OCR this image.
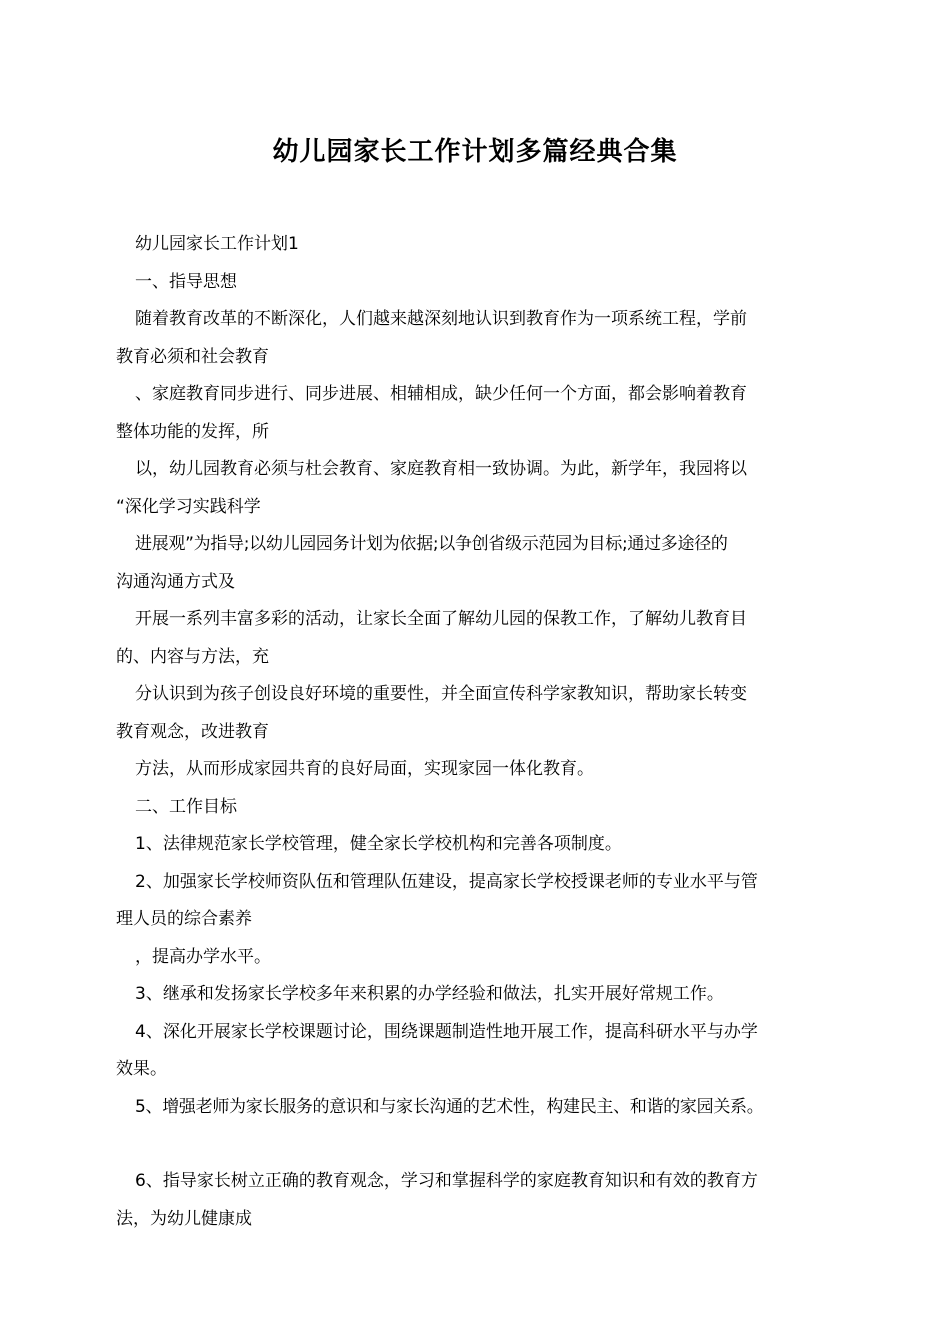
幼儿园家长工作计划多篇经典合集

幼儿园家长工作计划1

一、指导思想

随着教育改革的不断深化，人们越来越深刻地认识到教育作为一项系统工程，学前

教育必须和社会教育

、家庭教育同步进行、同步进展、相辅相成，缺少任何一个方面，都会影响着教育

整体功能的发挥，所

以，幼儿园教育必须与杜会教育、家庭教育相一致协调。为此，新学年，我园将以

“深化学习实践科学

进展观”为指导;以幼儿园园务计划为依据;以争创省级示范园为目标;通过多途径的

沟通沟通方式及

开展一系列丰富多彩的活动，让家长全面了解幼儿园的保教工作，了解幼儿教育目

的、内容与方法，充

分认识到为孩子创设良好环境的重要性，并全面宣传科学家教知识，帮助家长转变

教育观念，改进教育

方法，从而形成家园共育的良好局面，实现家园一体化教育。

二、工作目标

1、法律规范家长学校管理，健全家长学校机构和完善各项制度。

2、加强家长学校师资队伍和管理队伍建设，提高家长学校授课老师的专业水平与管

理人员的综合素养

，提高办学水平。

3、继承和发扬家长学校多年来积累的办学经验和做法，扎实开展好常规工作。

4、深化开展家长学校课题讨论，围绕课题制造性地开展工作，提高科研水平与办学

效果。

5、增强老师为家长服务的意识和与家长沟通的艺术性，构建民主、和谐的家园关系。

6、指导家长树立正确的教育观念，学习和掌握科学的家庭教育知识和有效的教育方

法，为幼儿健康成
